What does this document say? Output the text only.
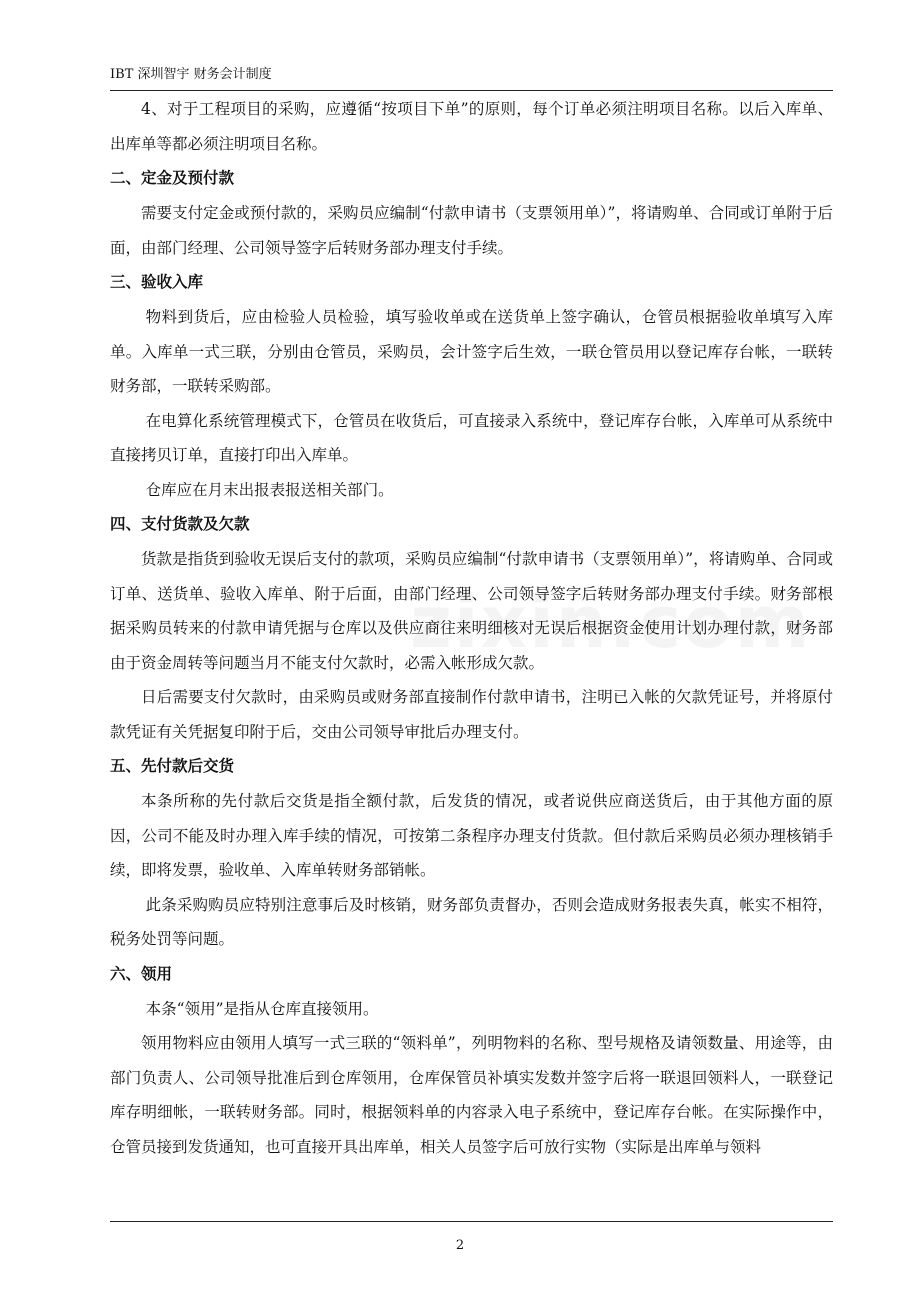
IBT 深圳智宇 财务会计制度

4、对于工程项目的采购，应遵循“按项目下单”的原则，每个订单必须注明项目名称。以后入库单、出库单等都必须注明项目名称。

二、定金及预付款

需要支付定金或预付款的，采购员应编制“付款申请书（支票领用单）”，将请购单、合同或订单附于后面，由部门经理、公司领导签字后转财务部办理支付手续。

三、验收入库

物料到货后，应由检验人员检验，填写验收单或在送货单上签字确认，仓管员根据验收单填写入库单。入库单一式三联，分别由仓管员，采购员，会计签字后生效，一联仓管员用以登记库存台帐，一联转财务部，一联转采购部。

在电算化系统管理模式下，仓管员在收货后，可直接录入系统中，登记库存台帐，入库单可从系统中直接拷贝订单，直接打印出入库单。

仓库应在月末出报表报送相关部门。

四、支付货款及欠款

货款是指货到验收无误后支付的款项，采购员应编制“付款申请书（支票领用单）”，将请购单、合同或订单、送货单、验收入库单、附于后面，由部门经理、公司领导签字后转财务部办理支付手续。财务部根据采购员转来的付款申请凭据与仓库以及供应商往来明细核对无误后根据资金使用计划办理付款，财务部由于资金周转等问题当月不能支付欠款时，必需入帐形成欠款。

日后需要支付欠款时，由采购员或财务部直接制作付款申请书，注明已入帐的欠款凭证号，并将原付款凭证有关凭据复印附于后，交由公司领导审批后办理支付。

五、先付款后交货

本条所称的先付款后交货是指全额付款，后发货的情况，或者说供应商送货后，由于其他方面的原因，公司不能及时办理入库手续的情况，可按第二条程序办理支付货款。但付款后采购员必须办理核销手续，即将发票，验收单、入库单转财务部销帐。

此条采购购员应特别注意事后及时核销，财务部负责督办，否则会造成财务报表失真，帐实不相符，税务处罚等问题。

六、领用

本条“领用”是指从仓库直接领用。

领用物料应由领用人填写一式三联的“领料单”，列明物料的名称、型号规格及请领数量、用途等，由部门负责人、公司领导批准后到仓库领用，仓库保管员补填实发数并签字后将一联退回领料人，一联登记库存明细帐，一联转财务部。同时，根据领料单的内容录入电子系统中，登记库存台帐。在实际操作中，仓管员接到发货通知，也可直接开具出库单，相关人员签字后可放行实物（实际是出库单与领料

2
